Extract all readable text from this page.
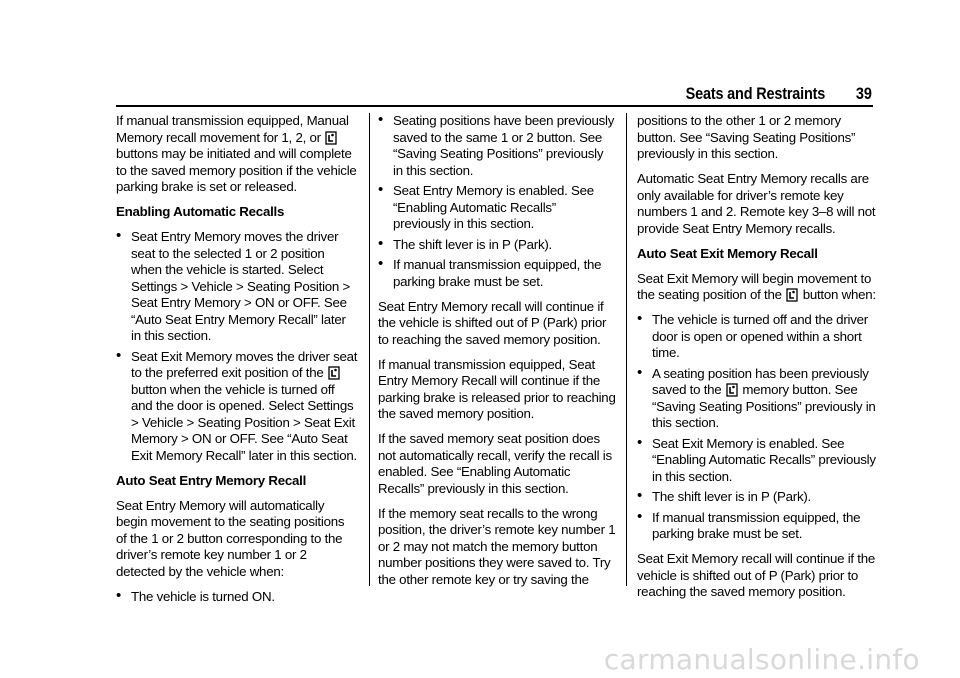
Seats and Restraints 39

If manual transmission equipped, Manual Memory recall movement for 1, 2, or  buttons may be initiated and will complete to the saved memory position if the vehicle parking brake is set or released.

Enabling Automatic Recalls

• Seat Entry Memory moves the driver seat to the selected 1 or 2 position when the vehicle is started. Select Settings > Vehicle > Seating Position > Seat Entry Memory > ON or OFF. See “Auto Seat Entry Memory Recall” later in this section.
• Seat Exit Memory moves the driver seat to the preferred exit position of the  button when the vehicle is turned off and the door is opened. Select Settings > Vehicle > Seating Position > Seat Exit Memory > ON or OFF. See “Auto Seat Exit Memory Recall” later in this section.

Auto Seat Entry Memory Recall

Seat Entry Memory will automatically begin movement to the seating positions of the 1 or 2 button corresponding to the driver’s remote key number 1 or 2 detected by the vehicle when:

• The vehicle is turned ON.
• Seating positions have been previously saved to the same 1 or 2 button. See “Saving Seating Positions” previously in this section.
• Seat Entry Memory is enabled. See “Enabling Automatic Recalls” previously in this section.
• The shift lever is in P (Park).
• If manual transmission equipped, the parking brake must be set.

Seat Entry Memory recall will continue if the vehicle is shifted out of P (Park) prior to reaching the saved memory position.

If manual transmission equipped, Seat Entry Memory Recall will continue if the parking brake is released prior to reaching the saved memory position.

If the saved memory seat position does not automatically recall, verify the recall is enabled. See “Enabling Automatic Recalls” previously in this section.

If the memory seat recalls to the wrong position, the driver’s remote key number 1 or 2 may not match the memory button number positions they were saved to. Try the other remote key or try saving the

positions to the other 1 or 2 memory button. See “Saving Seating Positions” previously in this section.

Automatic Seat Entry Memory recalls are only available for driver’s remote key numbers 1 and 2. Remote key 3–8 will not provide Seat Entry Memory recalls.

Auto Seat Exit Memory Recall

Seat Exit Memory will begin movement to the seating position of the  button when:

• The vehicle is turned off and the driver door is open or opened within a short time.
• A seating position has been previously saved to the  memory button. See “Saving Seating Positions” previously in this section.
• Seat Exit Memory is enabled. See “Enabling Automatic Recalls” previously in this section.
• The shift lever is in P (Park).
• If manual transmission equipped, the parking brake must be set.

Seat Exit Memory recall will continue if the vehicle is shifted out of P (Park) prior to reaching the saved memory position.

carmanualsonline.info
